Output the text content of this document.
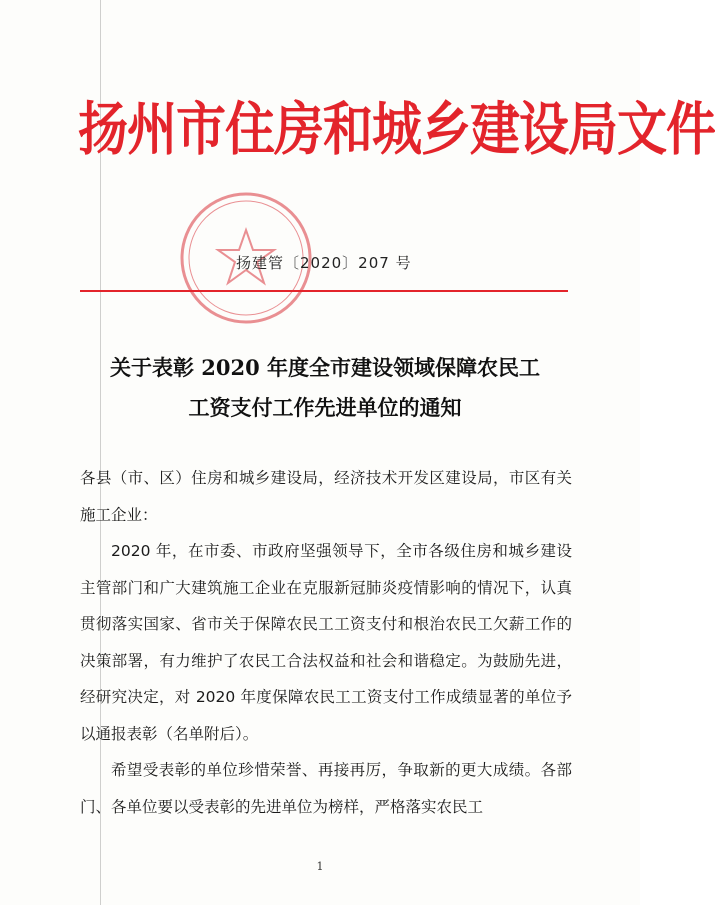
扬州市住房和城乡建设局文件
扬建管〔2020〕207 号
关于表彰 2020 年度全市建设领域保障农民工
工资支付工作先进单位的通知

各县（市、区）住房和城乡建设局，经济技术开发区建设局，市区有关施工企业：

2020 年，在市委、市政府坚强领导下，全市各级住房和城乡建设主管部门和广大建筑施工企业在克服新冠肺炎疫情影响的情况下，认真贯彻落实国家、省市关于保障农民工工资支付和根治农民工欠薪工作的决策部署，有力维护了农民工合法权益和社会和谐稳定。为鼓励先进，经研究决定，对 2020 年度保障农民工工资支付工作成绩显著的单位予以通报表彰（名单附后）。

希望受表彰的单位珍惜荣誉、再接再厉，争取新的更大成绩。各部门、各单位要以受表彰的先进单位为榜样，严格落实农民工

1
